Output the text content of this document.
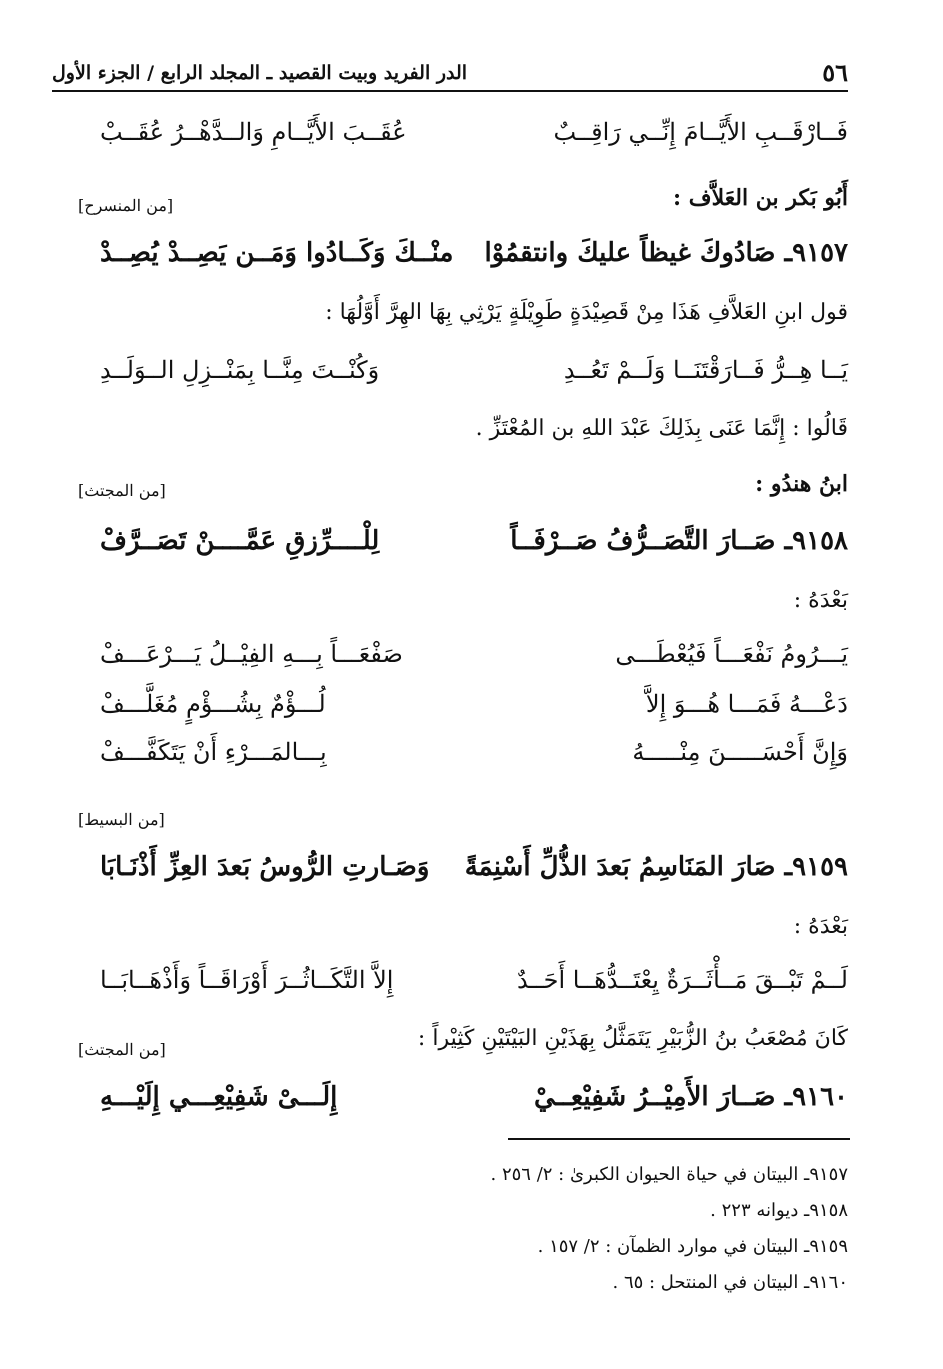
٥٦
الدر الفريد وبيت القصيد ـ المجلد الرابع / الجزء الأول
فَــارْقَــبِ الأَيَّــامَ إِنِّــي رَاقِــبٌ
عُقَــبَ الأَيَّــامِ وَالــدَّهْــرُ عُقَــبْ
أَبُو بَكر بن العَلاَّف :
[من المنسرح]
٩١٥٧ـ صَادُوكَ غيظاً عليكَ وانتقمُوْا
منْــكَ وَكَــادُوا وَمَــن يَصِــدْ يُصِــدْ
قول ابنِ العَلاَّفِ هَذَا مِنْ قَصِيْدَةٍ طَوِيْلَةٍ يَرْثِي بِهَا الهِرَّ أَوَّلُهَا :
يَــا هِــرُّ فَــارَقْتَنَــا وَلَــمْ تَعُــدِ
وَكُنْــتَ مِنَّــا بِمَنْــزِلِ الــوَلَــدِ
قَالُوا : إِنَّمَا عَنَى بِذَلِكَ عَبْدَ اللهِ بن المُعْتَزِّ .
ابنُ هندُو :
[من المجتث]
٩١٥٨ـ صَــارَ التَّصَــرُّفُ صَــرْفَــاً
لِلْــــرِّزقِ عَمَّــــنْ تَصَــرَّفْ
بَعْدَهُ :
يَـــرُومُ نَفْعَـــاً فَيُعْطَـــى
صَفْعَـــاً بِـــهِ الفِيْــلُ يَـــرْعَـــفْ
دَعْـــهُ فَمَـــا هُـــوَ إِلاَّ
لُـــؤْمٌ بِشُـــؤْمٍ مُغَلَّـــفْ
وَإِنَّ أَحْسَـــــنَ مِنْـــــهُ
بِـــالمَـــرْءِ أَنْ يَتَكَفَّـــفْ
[من البسيط]
٩١٥٩ـ صَارَ المَنَاسِمُ بَعدَ الذُّلِّ أَسْنِمَةً
وَصَـارتِ الرُّوسُ بَعدَ العِزِّ أَذْنَـابَا
بَعْدَهُ :
لَــمْ تَبْــقَ مَــأْثَــرَةٌ يِعْتَــدُّهَــا أَحَــدٌ
إِلاَّ التَّكَــاثُــرَ أَوْرَاقَــاً وَأَذْهَــابَــا
كَانَ مُصْعَبُ بنُ الزُّبَيْرِ يَتَمَثَّلُ بِهَذَيْنِ البَيْتَيْنِ كَثِيْراً :
[من المجتث]
٩١٦٠ـ صَــارَ الأَمِيْــرُ شَفِيْعِــيْ
إِلَـــىْ شَفِيْعِـــي إِلَيْـــهِ
٩١٥٧ـ البيتان في حياة الحيوان الكبرىٰ : ٢/ ٢٥٦ .
٩١٥٨ـ ديوانه ٢٢٣ .
٩١٥٩ـ البيتان في موارد الظمآن : ٢/ ١٥٧ .
٩١٦٠ـ البيتان في المنتحل : ٦٥ .
